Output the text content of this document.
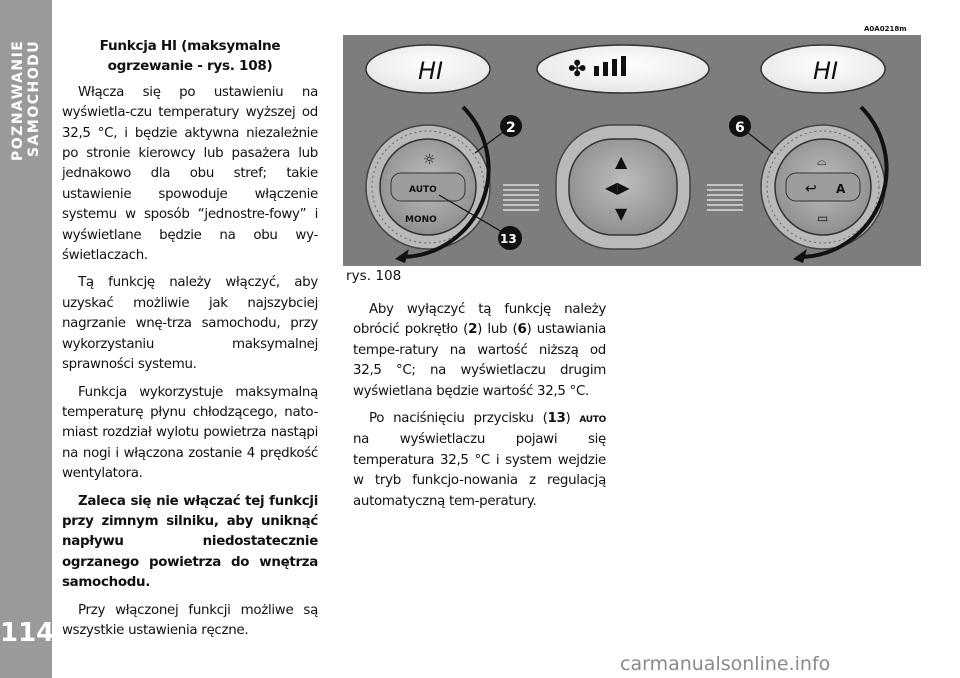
POZNAWANIE SAMOCHODU
114

Funkcja HI (maksymalne ogrzewanie - rys. 108)

Włącza się po ustawieniu na wyświetla-czu temperatury wyższej od 32,5 °C, i będzie aktywna niezależnie po stronie kierowcy lub pasażera lub jednakowo dla obu stref; takie ustawienie spowoduje włączenie systemu w sposób “jednostre-fowy” i wyświetlane będzie na obu wy-świetlaczach.

Tą funkcję należy włączyć, aby uzyskać możliwie jak najszybciej nagrzanie wnę-trza samochodu, przy wykorzystaniu maksymalnej sprawności systemu.

Funkcja wykorzystuje maksymalną temperaturę płynu chłodzącego, nato-miast rozdział wylotu powietrza nastąpi na nogi i włączona zostanie 4 prędkość wentylatora.

Zaleca się nie włączać tej funkcji przy zimnym silniku, aby uniknąć napływu niedostatecznie ogrzanego powietrza do wnętrza samochodu.

Przy włączonej funkcji możliwe są wszystkie ustawienia ręczne.

A0A0218m
HI	✤	HI
AUTO
MONO
☼	▲
◀▶
▼
↩ A
⌓
▭
2	6
13
rys. 108

Aby wyłączyć tą funkcję należy obrócić pokrętło (2) lub (6) ustawiania tempe-ratury na wartość niższą od 32,5 °C; na wyświetlaczu drugim wyświetlana będzie wartość 32,5 °C.

Po naciśnięciu przycisku (13) AUTO na wyświetlaczu pojawi się temperatura 32,5 °C i system wejdzie w tryb funkcjo-nowania z regulacją automatyczną tem-peratury.

carmanualsonline.info
